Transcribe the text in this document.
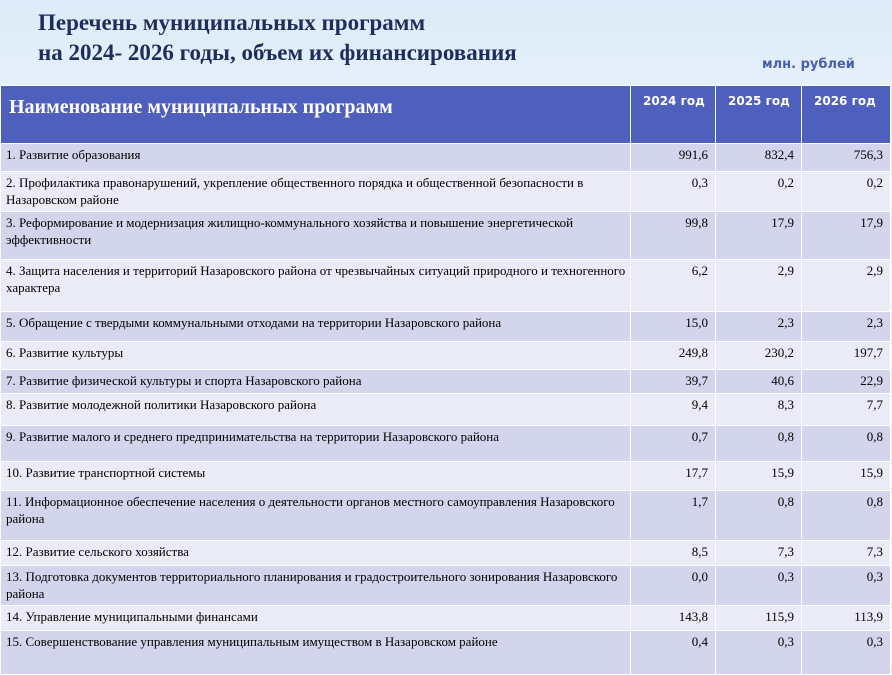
Перечень муниципальных программ
на 2024- 2026 годы, объем их финансирования	млн. рублей
Наименование муниципальных программ	2024 год	2025 год	2026 год
1. Развитие образования	991,6	832,4	756,3
2. Профилактика правонарушений, укрепление общественного порядка и общественной безопасности в Назаровском районе	0,3	0,2	0,2
3. Реформирование и модернизация жилищно-коммунального хозяйства и повышение энергетической эффективности	99,8	17,9	17,9
4. Защита населения и территорий Назаровского района от чрезвычайных ситуаций природного и техногенного характера	6,2	2,9	2,9
5. Обращение с твердыми коммунальными отходами на территории Назаровского района	15,0	2,3	2,3
6. Развитие культуры	249,8	230,2	197,7
7. Развитие физической культуры и спорта Назаровского района	39,7	40,6	22,9
8. Развитие молодежной политики Назаровского района	9,4	8,3	7,7
9. Развитие малого и среднего предпринимательства на территории Назаровского района	0,7	0,8	0,8
10. Развитие транспортной системы	17,7	15,9	15,9
11. Информационное обеспечение населения о деятельности органов местного самоуправления Назаровского района	1,7	0,8	0,8
12. Развитие сельского хозяйства	8,5	7,3	7,3
13. Подготовка документов территориального планирования и градостроительного зонирования Назаровского района	0,0	0,3	0,3
14. Управление муниципальными финансами	143,8	115,9	113,9
15. Совершенствование управления муниципальным имуществом в Назаровском районе	0,4	0,3	0,3
